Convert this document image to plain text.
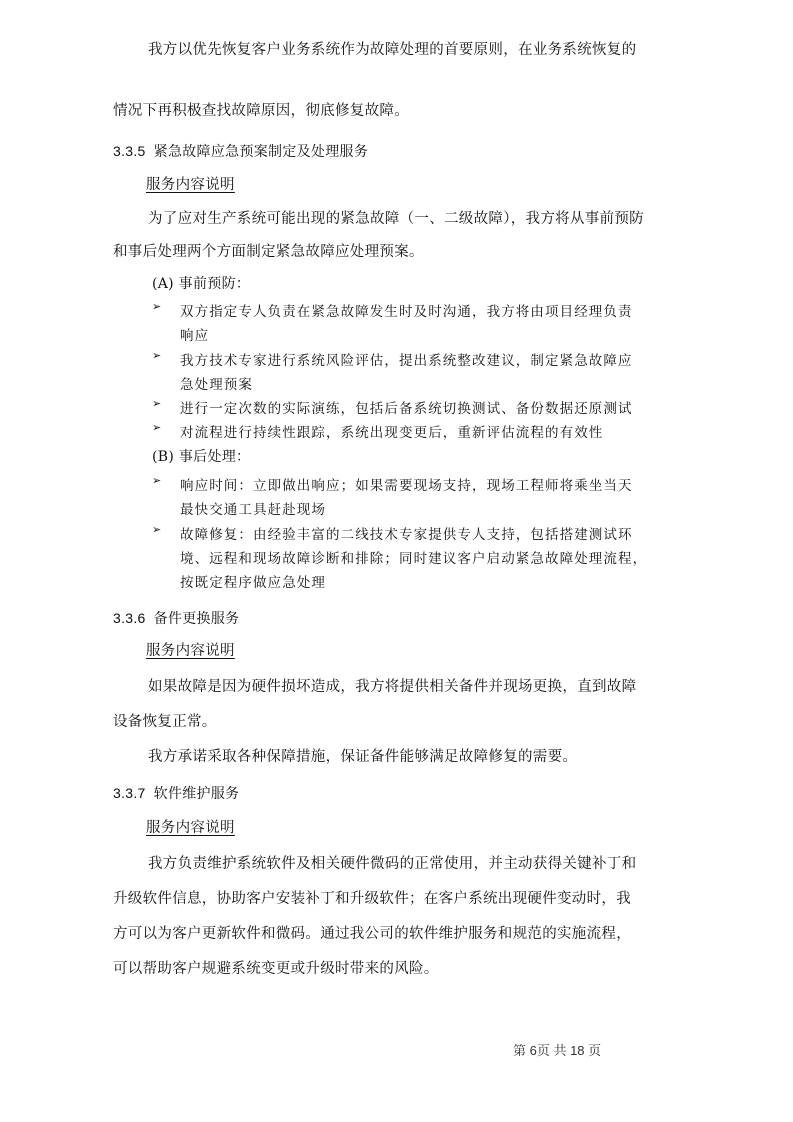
我方以优先恢复客户业务系统作为故障处理的首要原则，在业务系统恢复的
情况下再积极查找故障原因，彻底修复故障。
3.3.5 紧急故障应急预案制定及处理服务
服务内容说明
为了应对生产系统可能出现的紧急故障（一、二级故障），我方将从事前预防
和事后处理两个方面制定紧急故障应处理预案。
(A) 事前预防：
➢ 双方指定专人负责在紧急故障发生时及时沟通，我方将由项目经理负责
响应
➢ 我方技术专家进行系统风险评估，提出系统整改建议，制定紧急故障应
急处理预案
➢ 进行一定次数的实际演练，包括后备系统切换测试、备份数据还原测试
➢ 对流程进行持续性跟踪，系统出现变更后，重新评估流程的有效性
(B) 事后处理：
➢ 响应时间：立即做出响应；如果需要现场支持，现场工程师将乘坐当天
最快交通工具赶赴现场
➢ 故障修复：由经验丰富的二线技术专家提供专人支持，包括搭建测试环
境、远程和现场故障诊断和排除；同时建议客户启动紧急故障处理流程，
按既定程序做应急处理
3.3.6 备件更换服务
服务内容说明
如果故障是因为硬件损坏造成，我方将提供相关备件并现场更换，直到故障
设备恢复正常。
我方承诺采取各种保障措施，保证备件能够满足故障修复的需要。
3.3.7 软件维护服务
服务内容说明
我方负责维护系统软件及相关硬件微码的正常使用，并主动获得关键补丁和
升级软件信息，协助客户安装补丁和升级软件；在客户系统出现硬件变动时，我
方可以为客户更新软件和微码。通过我公司的软件维护服务和规范的实施流程，
可以帮助客户规避系统变更或升级时带来的风险。
第 6页 共 18 页
